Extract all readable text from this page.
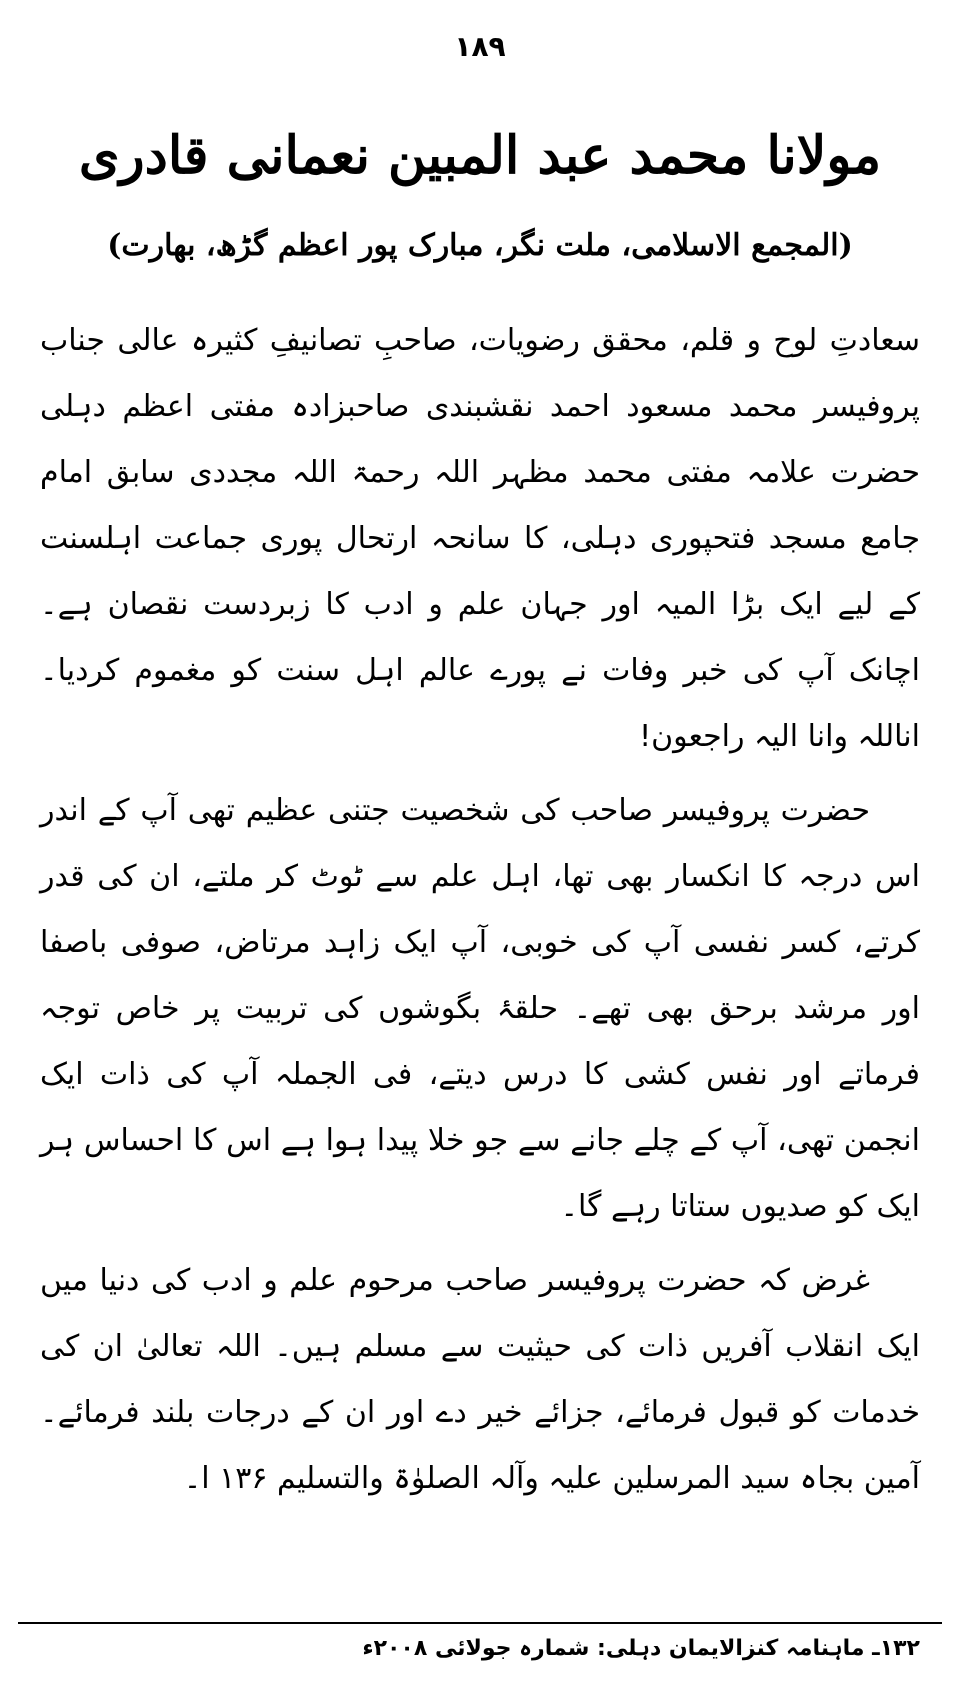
١٨٩
مولانا محمد عبد المبین نعمانی قادری
(المجمع الاسلامی، ملت نگر، مبارک پور اعظم گڑھ، بھارت)
سعادتِ لوح و قلم، محقق رضویات، صاحبِ تصانیفِ کثیرہ عالی جناب پروفیسر محمد مسعود احمد نقشبندی صاحبزادہ مفتی اعظم دہلی حضرت علامہ مفتی محمد مظہر اللہ رحمۃ اللہ مجددی سابق امام جامع مسجد فتحپوری دہلی، کا سانحہ ارتحال پوری جماعت اہلسنت کے لیے ایک بڑا المیہ اور جہان علم و ادب کا زبردست نقصان ہے۔ اچانک آپ کی خبر وفات نے پورے عالم اہل سنت کو مغموم کردیا۔ اناللہ وانا الیہ راجعون!
حضرت پروفیسر صاحب کی شخصیت جتنی عظیم تھی آپ کے اندر اس درجہ کا انکسار بھی تھا، اہل علم سے ٹوٹ کر ملتے، ان کی قدر کرتے، کسر نفسی آپ کی خوبی، آپ ایک زاہد مرتاض، صوفی باصفا اور مرشد برحق بھی تھے۔ حلقۂ بگوشوں کی تربیت پر خاص توجہ فرماتے اور نفس کشی کا درس دیتے، فی الجملہ آپ کی ذات ایک انجمن تھی، آپ کے چلے جانے سے جو خلا پیدا ہوا ہے اس کا احساس ہر ایک کو صدیوں ستاتا رہے گا۔
غرض کہ حضرت پروفیسر صاحب مرحوم علم و ادب کی دنیا میں ایک انقلاب آفریں ذات کی حیثیت سے مسلم ہیں۔ اللہ تعالیٰ ان کی خدمات کو قبول فرمائے، جزائے خیر دے اور ان کے درجات بلند فرمائے۔ آمین بجاہ سید المرسلین علیہ وآلہ الصلوٰۃ والتسلیم ۱۳۶ ا۔
۱۳۲ـ ماہنامہ کنزالایمان دہلی: شمارہ جولائی ۲۰۰۸ء
